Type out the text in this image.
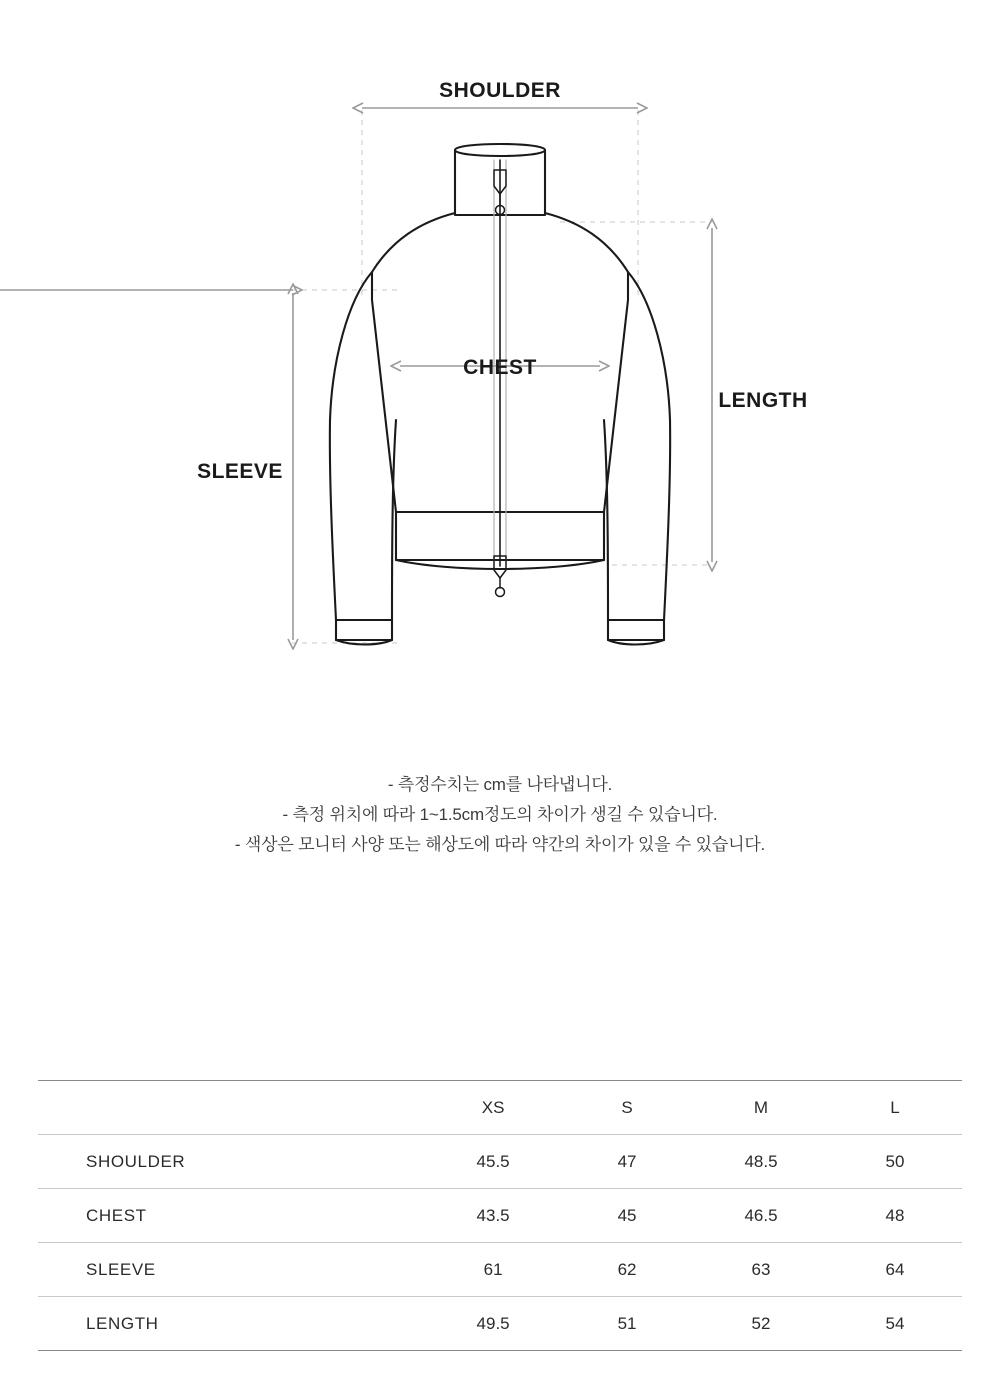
SHOULDER
CHEST
SLEEVE
LENGTH
- 측정수치는 cm를 나타냅니다.
- 측정 위치에 따라 1~1.5cm정도의 차이가 생길 수 있습니다.
- 색상은 모니터 사양 또는 해상도에 따라 약간의 차이가 있을 수 있습니다.
	XS	S	M	L
SHOULDER	45.5	47	48.5	50
CHEST	43.5	45	46.5	48
SLEEVE	61	62	63	64
LENGTH	49.5	51	52	54
